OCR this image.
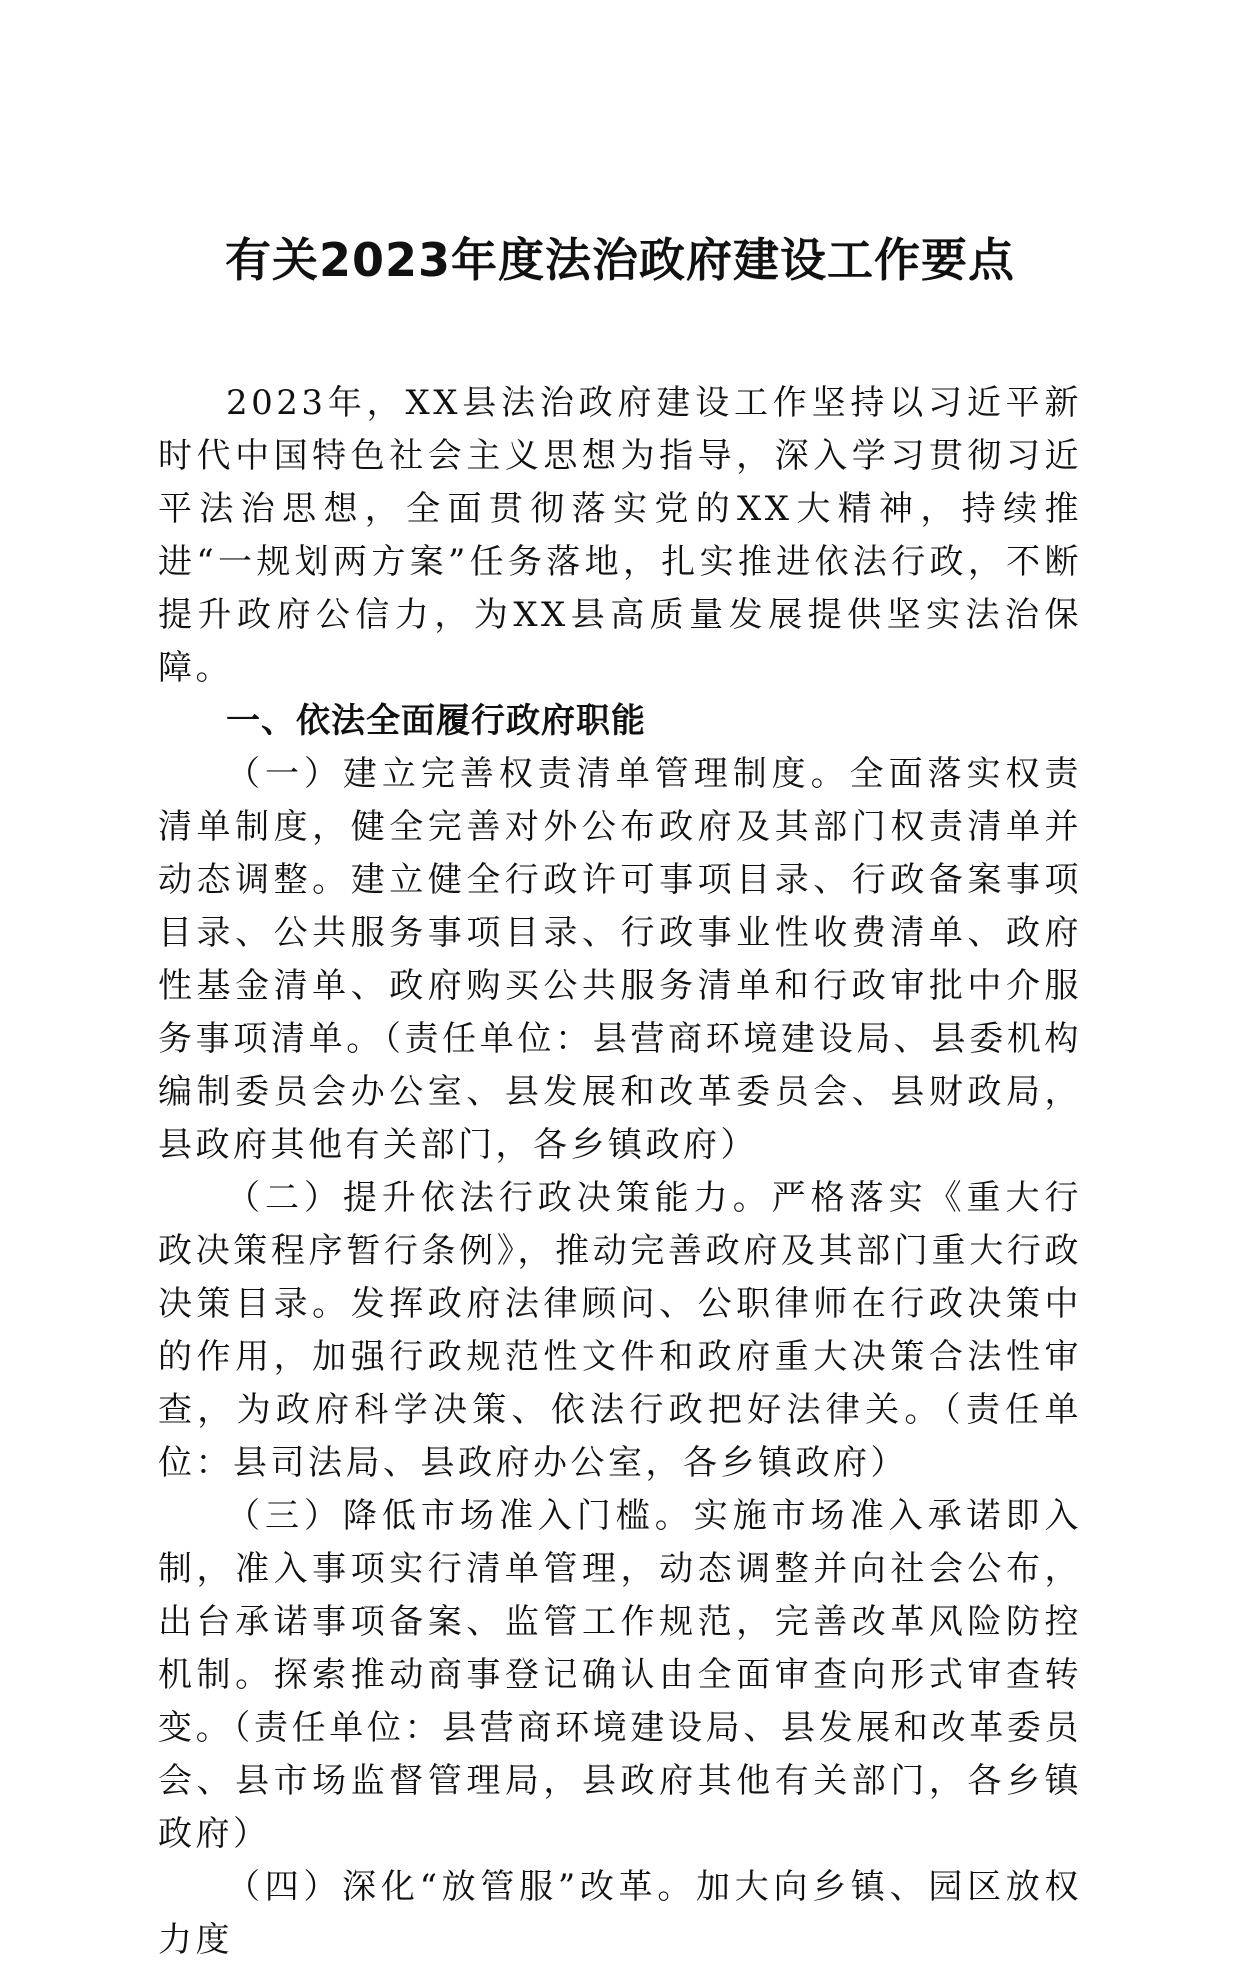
有关2023年度法治政府建设工作要点

2023年，XX县法治政府建设工作坚持以习近平新时代中国特色社会主义思想为指导，深入学习贯彻习近平法治思想，全面贯彻落实党的XX大精神，持续推进“一规划两方案”任务落地，扎实推进依法行政，不断提升政府公信力，为XX县高质量发展提供坚实法治保障。

一、依法全面履行政府职能

（一）建立完善权责清单管理制度。全面落实权责清单制度，健全完善对外公布政府及其部门权责清单并动态调整。建立健全行政许可事项目录、行政备案事项目录、公共服务事项目录、行政事业性收费清单、政府性基金清单、政府购买公共服务清单和行政审批中介服务事项清单。（责任单位：县营商环境建设局、县委机构编制委员会办公室、县发展和改革委员会、县财政局，县政府其他有关部门，各乡镇政府）

（二）提升依法行政决策能力。严格落实《重大行政决策程序暂行条例》，推动完善政府及其部门重大行政决策目录。发挥政府法律顾问、公职律师在行政决策中的作用，加强行政规范性文件和政府重大决策合法性审查，为政府科学决策、依法行政把好法律关。（责任单位：县司法局、县政府办公室，各乡镇政府）

（三）降低市场准入门槛。实施市场准入承诺即入制，准入事项实行清单管理，动态调整并向社会公布，出台承诺事项备案、监管工作规范，完善改革风险防控机制。探索推动商事登记确认由全面审查向形式审查转变。（责任单位：县营商环境建设局、县发展和改革委员会、县市场监督管理局，县政府其他有关部门，各乡镇政府）

（四）深化“放管服”改革。加大向乡镇、园区放权力度
